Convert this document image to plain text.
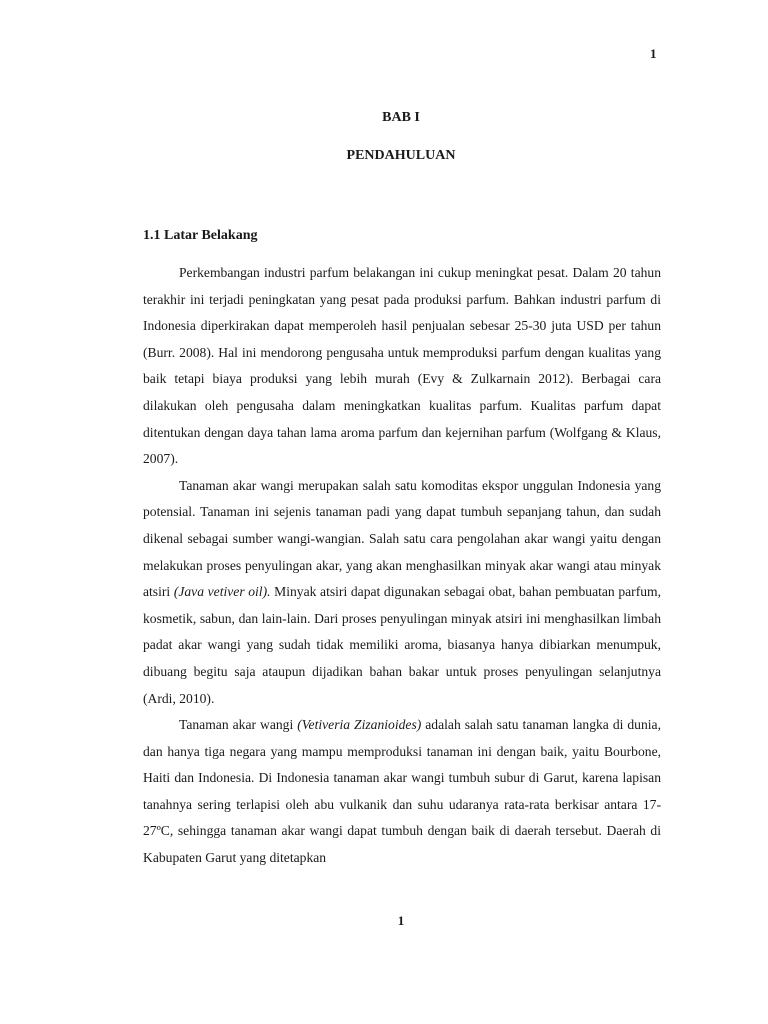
1
BAB I
PENDAHULUAN
1.1 Latar Belakang

Perkembangan industri parfum belakangan ini cukup meningkat pesat. Dalam 20 tahun terakhir ini terjadi peningkatan yang pesat pada produksi parfum. Bahkan industri parfum di Indonesia diperkirakan dapat memperoleh hasil penjualan sebesar 25-30 juta USD per tahun (Burr. 2008). Hal ini mendorong pengusaha untuk memproduksi parfum dengan kualitas yang baik tetapi biaya produksi yang lebih murah (Evy & Zulkarnain 2012). Berbagai cara dilakukan oleh pengusaha dalam meningkatkan kualitas parfum. Kualitas parfum dapat ditentukan dengan daya tahan lama aroma parfum dan kejernihan parfum (Wolfgang & Klaus, 2007).

Tanaman akar wangi merupakan salah satu komoditas ekspor unggulan Indonesia yang potensial. Tanaman ini sejenis tanaman padi yang dapat tumbuh sepanjang tahun, dan sudah dikenal sebagai sumber wangi-wangian. Salah satu cara pengolahan akar wangi yaitu dengan melakukan proses penyulingan akar, yang akan menghasilkan minyak akar wangi atau minyak atsiri (Java vetiver oil). Minyak atsiri dapat digunakan sebagai obat, bahan pembuatan parfum, kosmetik, sabun, dan lain-lain. Dari proses penyulingan minyak atsiri ini menghasilkan limbah padat akar wangi yang sudah tidak memiliki aroma, biasanya hanya dibiarkan menumpuk, dibuang begitu saja ataupun dijadikan bahan bakar untuk proses penyulingan selanjutnya (Ardi, 2010).

Tanaman akar wangi (Vetiveria Zizanioides) adalah salah satu tanaman langka di dunia, dan hanya tiga negara yang mampu memproduksi tanaman ini dengan baik, yaitu Bourbone, Haiti dan Indonesia. Di Indonesia tanaman akar wangi tumbuh subur di Garut, karena lapisan tanahnya sering terlapisi oleh abu vulkanik dan suhu udaranya rata-rata berkisar antara 17-27ºC, sehingga tanaman akar wangi dapat tumbuh dengan baik di daerah tersebut. Daerah di Kabupaten Garut yang ditetapkan

1
